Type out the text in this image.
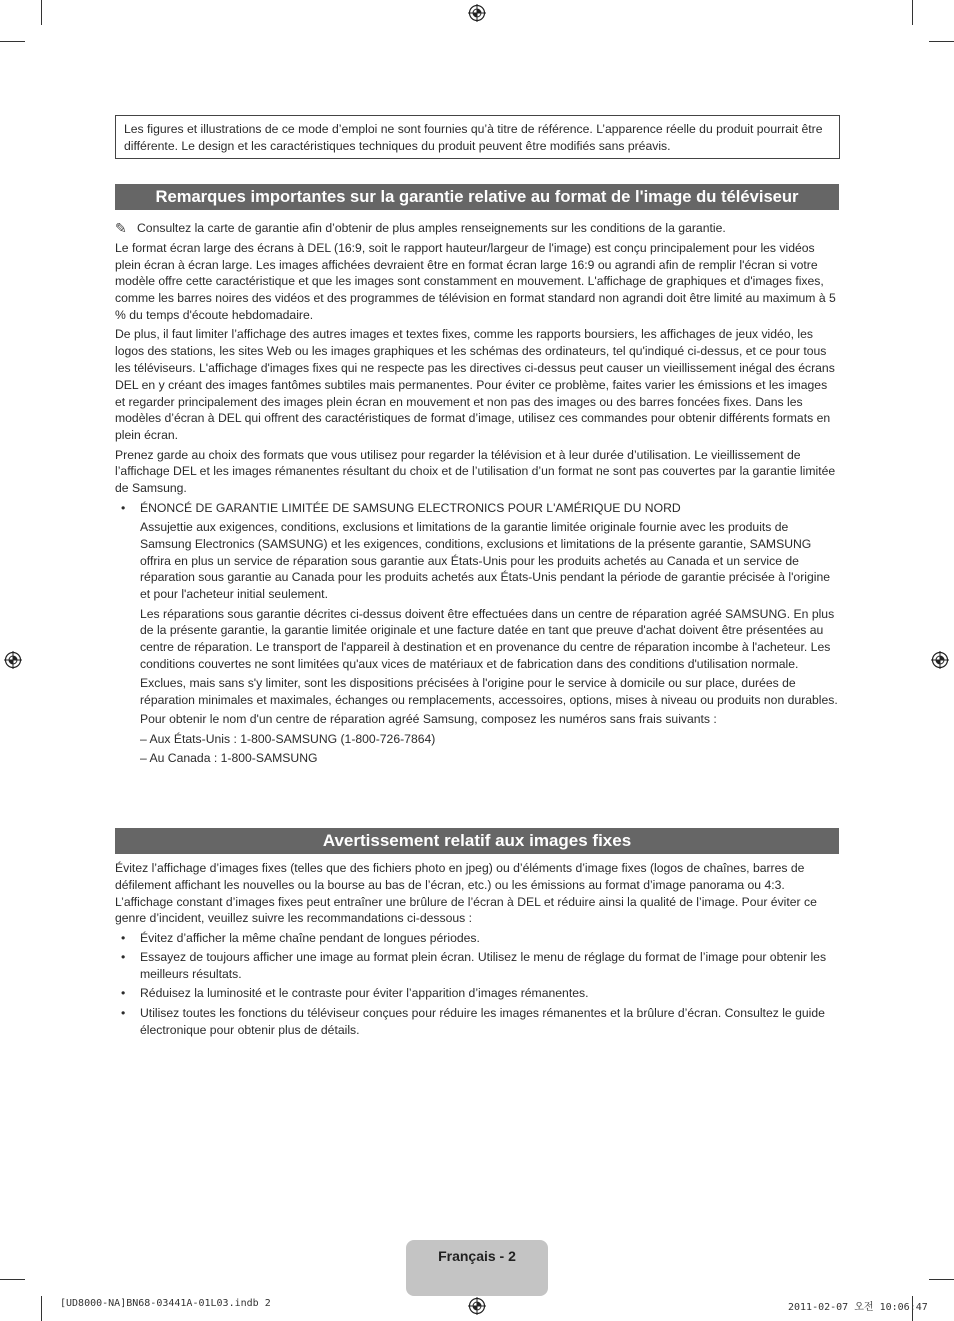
Les figures et illustrations de ce mode d’emploi ne sont fournies qu’à titre de référence. L’apparence réelle du produit pourrait être différente. Le design et les caractéristiques techniques du produit peuvent être modifiés sans préavis.
Remarques importantes sur la garantie relative au format de l'image du téléviseur
✎ Consultez la carte de garantie afin d’obtenir de plus amples renseignements sur les conditions de la garantie.

Le format écran large des écrans à DEL (16:9, soit le rapport hauteur/largeur de l'image) est conçu principalement pour les vidéos plein écran à écran large. Les images affichées devraient être en format écran large 16:9 ou agrandi afin de remplir l'écran si votre modèle offre cette caractéristique et que les images sont constamment en mouvement. L'affichage de graphiques et d'images fixes, comme les barres noires des vidéos et des programmes de télévision en format standard non agrandi doit être limité au maximum à 5 % du temps d'écoute hebdomadaire.

De plus, il faut limiter l’affichage des autres images et textes fixes, comme les rapports boursiers, les affichages de jeux vidéo, les logos des stations, les sites Web ou les images graphiques et les schémas des ordinateurs, tel qu'indiqué ci-dessus, et ce pour tous les téléviseurs. L'affichage d'images fixes qui ne respecte pas les directives ci-dessus peut causer un vieillissement inégal des écrans DEL en y créant des images fantômes subtiles mais permanentes. Pour éviter ce problème, faites varier les émissions et les images et regarder principalement des images plein écran en mouvement et non pas des images ou des barres foncées fixes. Dans les modèles d’écran à DEL qui offrent des caractéristiques de format d’image, utilisez ces commandes pour obtenir différents formats en plein écran.

Prenez garde au choix des formats que vous utilisez pour regarder la télévision et à leur durée d’utilisation. Le vieillissement de l’affichage DEL et les images rémanentes résultant du choix et de l’utilisation d’un format ne sont pas couvertes par la garantie limitée de Samsung.

• ÉNONCÉ DE GARANTIE LIMITÉE DE SAMSUNG ELECTRONICS POUR L'AMÉRIQUE DU NORD

Assujettie aux exigences, conditions, exclusions et limitations de la garantie limitée originale fournie avec les produits de Samsung Electronics (SAMSUNG) et les exigences, conditions, exclusions et limitations de la présente garantie, SAMSUNG offrira en plus un service de réparation sous garantie aux États-Unis pour les produits achetés au Canada et un service de réparation sous garantie au Canada pour les produits achetés aux États-Unis pendant la période de garantie précisée à l'origine et pour l'acheteur initial seulement.

Les réparations sous garantie décrites ci-dessus doivent être effectuées dans un centre de réparation agréé SAMSUNG. En plus de la présente garantie, la garantie limitée originale et une facture datée en tant que preuve d'achat doivent être présentées au centre de réparation. Le transport de l'appareil à destination et en provenance du centre de réparation incombe à l'acheteur. Les conditions couvertes ne sont limitées qu'aux vices de matériaux et de fabrication dans des conditions d'utilisation normale.

Exclues, mais sans s'y limiter, sont les dispositions précisées à l'origine pour le service à domicile ou sur place, durées de réparation minimales et maximales, échanges ou remplacements, accessoires, options, mises à niveau ou produits non durables.

Pour obtenir le nom d'un centre de réparation agréé Samsung, composez les numéros sans frais suivants :

– Aux États-Unis : 1-800-SAMSUNG (1-800-726-7864)

– Au Canada : 1-800-SAMSUNG

Avertissement relatif aux images fixes

Évitez l’affichage d’images fixes (telles que des fichiers photo en jpeg) ou d’éléments d’image fixes (logos de chaînes, barres de défilement affichant les nouvelles ou la bourse au bas de l’écran, etc.) ou les émissions au format d’image panorama ou 4:3. L’affichage constant d’images fixes peut entraîner une brûlure de l’écran à DEL et réduire ainsi la qualité de l’image. Pour éviter ce genre d’incident, veuillez suivre les recommandations ci-dessous :

• Évitez d’afficher la même chaîne pendant de longues périodes.
• Essayez de toujours afficher une image au format plein écran. Utilisez le menu de réglage du format de l’image pour obtenir les meilleurs résultats.
• Réduisez la luminosité et le contraste pour éviter l’apparition d’images rémanentes.
• Utilisez toutes les fonctions du téléviseur conçues pour réduire les images rémanentes et la brûlure d’écran. Consultez le guide électronique pour obtenir plus de détails.
Français - 2
[UD8000-NA]BN68-03441A-01L03.indb 2	2011-02-07 오전 10:06:47
